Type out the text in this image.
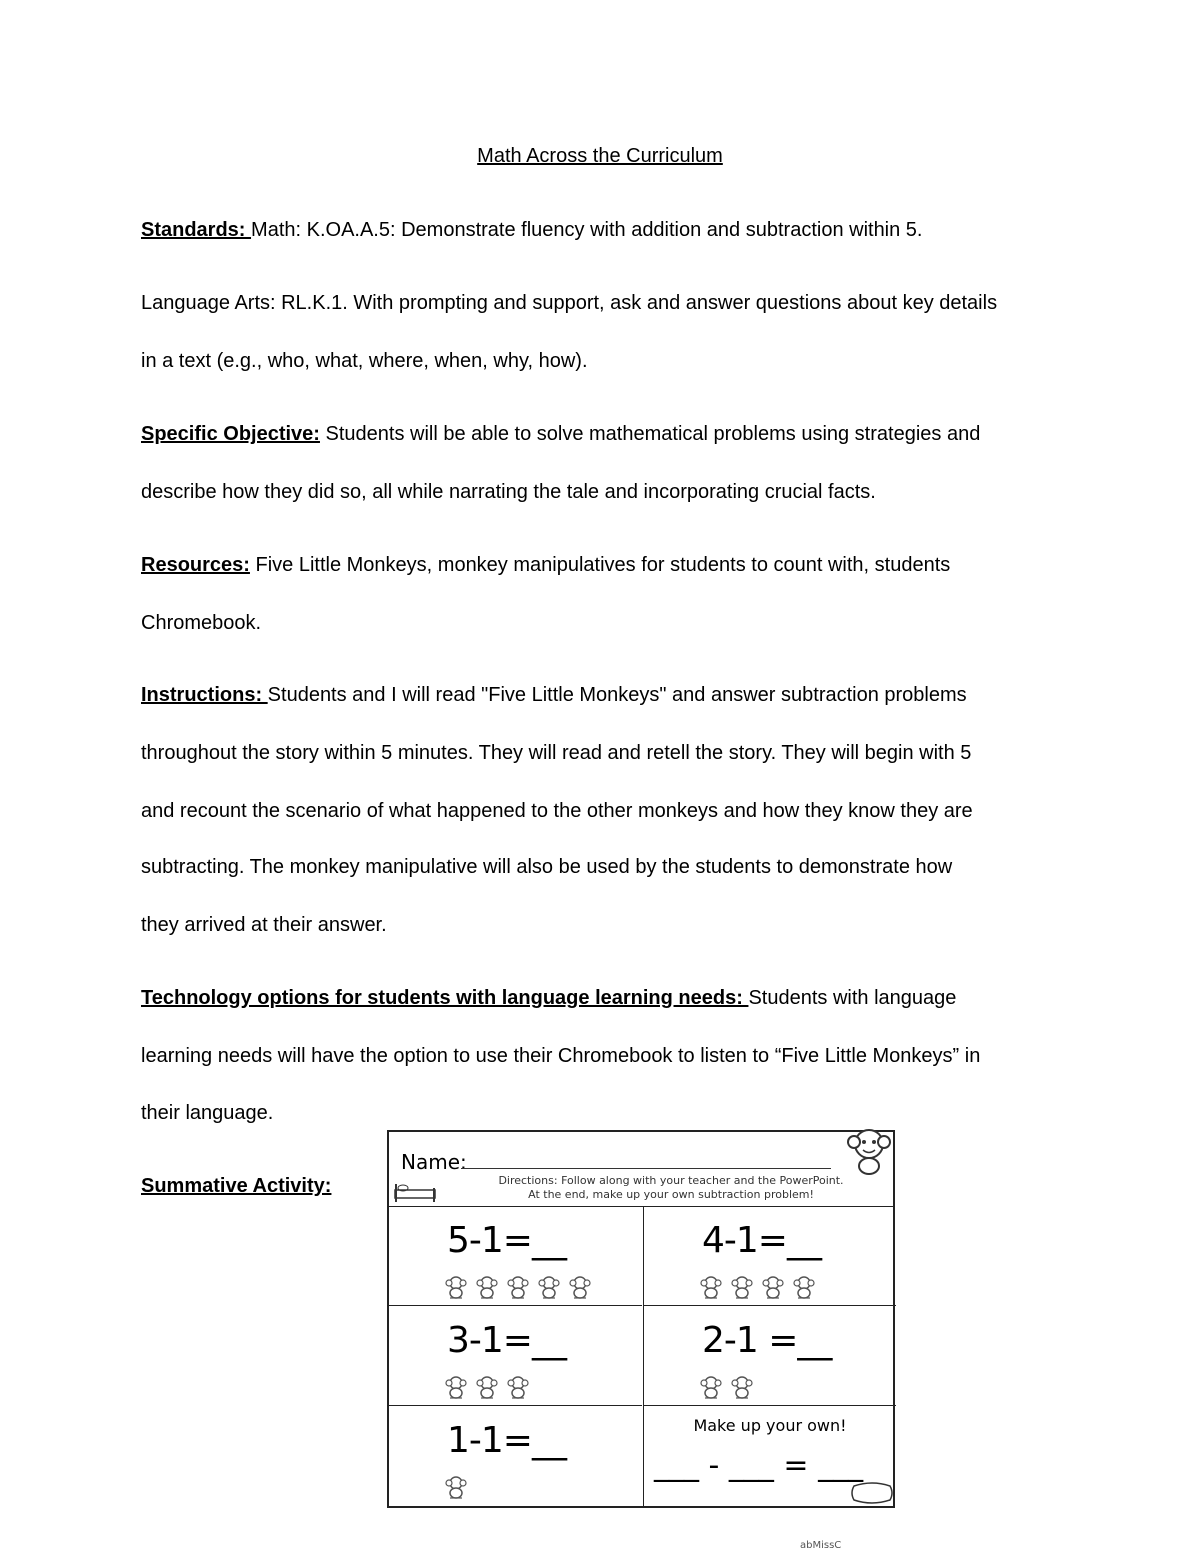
Math Across the Curriculum
Standards: Math: K.OA.A.5: Demonstrate fluency with addition and subtraction within 5.
Language Arts: RL.K.1. With prompting and support, ask and answer questions about key details
in a text (e.g., who, what, where, when, why, how).
Specific Objective: Students will be able to solve mathematical problems using strategies and
describe how they did so, all while narrating the tale and incorporating crucial facts.
Resources: Five Little Monkeys, monkey manipulatives for students to count with, students
Chromebook.
Instructions: Students and I will read "Five Little Monkeys" and answer subtraction problems
throughout the story within 5 minutes. They will read and retell the story. They will begin with 5
and recount the scenario of what happened to the other monkeys and how they know they are
subtracting. The monkey manipulative will also be used by the students to demonstrate how
they arrived at their answer.
Technology options for students with language learning needs: Students with language
learning needs will have the option to use their Chromebook to listen to “Five Little Monkeys” in
their language.
Summative Activity:
Name:
Directions: Follow along with your teacher and the PowerPoint.
At the end, make up your own subtraction problem!
5-1=__	4-1=__
3-1=__	2-1 =__
1-1=__	Make up your own!
___ - ___ = ___
abMissC
